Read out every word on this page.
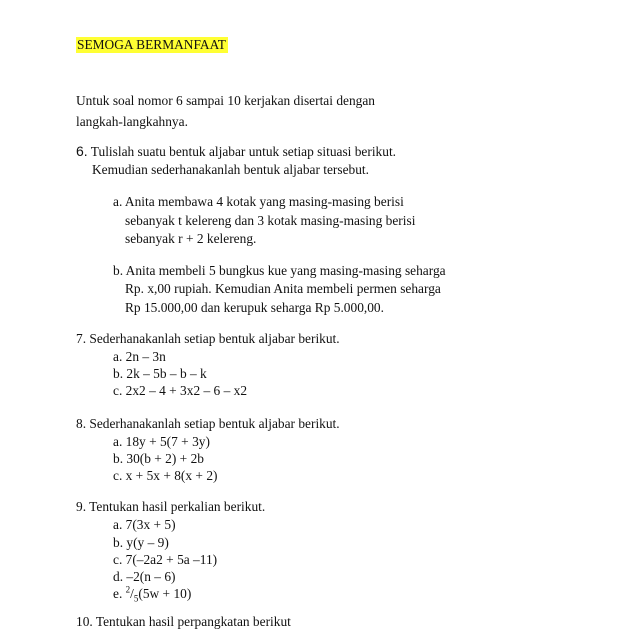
SEMOGA BERMANFAAT
Untuk soal nomor 6 sampai 10 kerjakan disertai dengan
langkah-langkahnya.
6. Tulislah suatu bentuk aljabar untuk setiap situasi berikut.
Kemudian sederhanakanlah bentuk aljabar tersebut.
a. Anita membawa 4 kotak yang masing-masing berisi
sebanyak t kelereng dan 3 kotak masing-masing berisi
sebanyak r + 2 kelereng.
b. Anita membeli 5 bungkus kue yang masing-masing seharga
Rp. x,00 rupiah. Kemudian Anita membeli permen seharga
Rp 15.000,00 dan kerupuk seharga Rp 5.000,00.
7. Sederhanakanlah setiap bentuk aljabar berikut.
a. 2n – 3n
b. 2k – 5b – b – k
c. 2x2 – 4 + 3x2 – 6 – x2
8. Sederhanakanlah setiap bentuk aljabar berikut.
a. 18y + 5(7 + 3y)
b. 30(b + 2) + 2b
c. x + 5x + 8(x + 2)
9. Tentukan hasil perkalian berikut.
a. 7(3x + 5)
b. y(y – 9)
c. 7(–2a2 + 5a –11)
d. –2(n – 6)
e. $^2/_5(5w + 10)$
10. Tentukan hasil perpangkatan berikut
